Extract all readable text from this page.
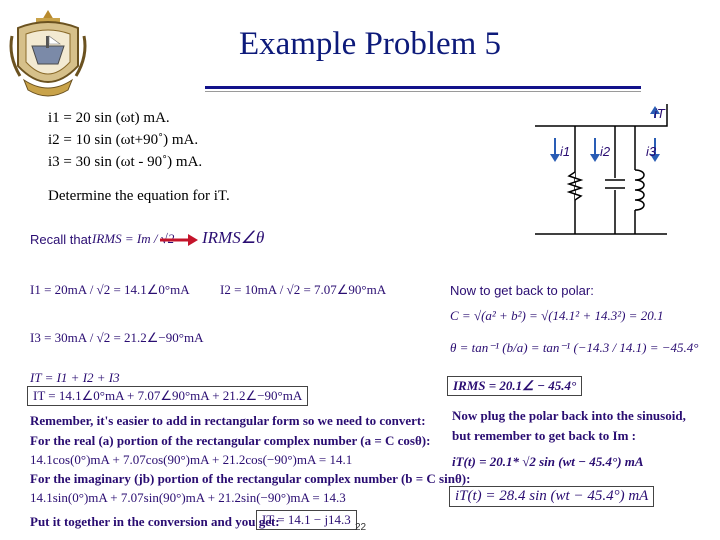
Example Problem 5
i1 = 20 sin (ωt) mA.
i2 = 10 sin (ωt+90˚) mA.
i3 = 30 sin (ωt - 90˚) mA.
Determine the equation for iT.
iT
i1 i2	i3
Recall that IRMS = Im / √2 IRMS∠θ
I1 = 20mA / √2 = 14.1∠0°mA I2 = 10mA / √2 = 7.07∠90°mA
I3 = 30mA / √2 = 21.2∠−90°mA
IT = I1 + I2 + I3
IT = 14.1∠0°mA + 7.07∠90°mA + 21.2∠−90°mA
Remember, it's easier to add in rectangular form so we need to convert:
For the real (a) portion of the rectangular complex number (a = C cosθ):
14.1cos(0°)mA + 7.07cos(90°)mA + 21.2cos(−90°)mA = 14.1
For the imaginary (jb) portion of the rectangular complex number (b = C sinθ):
14.1sin(0°)mA + 7.07sin(90°)mA + 21.2sin(−90°)mA = 14.3
Put it together in the conversion and you get:
IT = 14.1 − j14.3
Now to get back to polar:
C = √(a² + b²) = √(14.1² + 14.3²) = 20.1
θ = tan⁻¹ (b/a) = tan⁻¹ (−14.3 / 14.1) = −45.4°
IRMS = 20.1∠ − 45.4°
Now plug the polar back into the sinusoid,
but remember to get back to Im :
iT(t) = 20.1* √2 sin (wt − 45.4°) mA
iT(t) = 28.4 sin (wt − 45.4°) mA
22
